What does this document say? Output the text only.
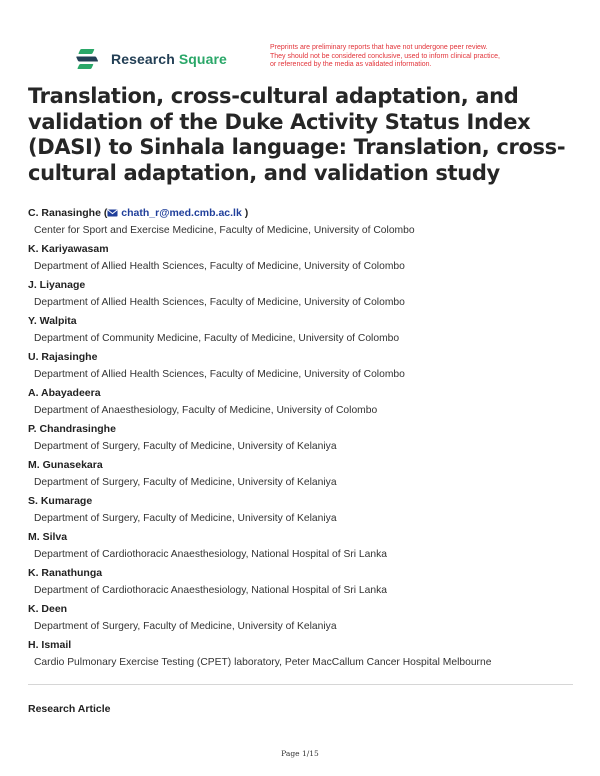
Research Square
Preprints are preliminary reports that have not undergone peer review.
They should not be considered conclusive, used to inform clinical practice,
or referenced by the media as validated information.
Translation, cross-cultural adaptation, and validation of the Duke Activity Status Index (DASI) to Sinhala language: Translation, cross-cultural adaptation, and validation study
C. Ranasinghe ( chath_r@med.cmb.ac.lk )
Center for Sport and Exercise Medicine, Faculty of Medicine, University of Colombo
K. Kariyawasam
Department of Allied Health Sciences, Faculty of Medicine, University of Colombo
J. Liyanage
Department of Allied Health Sciences, Faculty of Medicine, University of Colombo
Y. Walpita
Department of Community Medicine, Faculty of Medicine, University of Colombo
U. Rajasinghe
Department of Allied Health Sciences, Faculty of Medicine, University of Colombo
A. Abayadeera
Department of Anaesthesiology, Faculty of Medicine, University of Colombo
P. Chandrasinghe
Department of Surgery, Faculty of Medicine, University of Kelaniya
M. Gunasekara
Department of Surgery, Faculty of Medicine, University of Kelaniya
S. Kumarage
Department of Surgery, Faculty of Medicine, University of Kelaniya
M. Silva
Department of Cardiothoracic Anaesthesiology, National Hospital of Sri Lanka
K. Ranathunga
Department of Cardiothoracic Anaesthesiology, National Hospital of Sri Lanka
K. Deen
Department of Surgery, Faculty of Medicine, University of Kelaniya
H. Ismail
Cardio Pulmonary Exercise Testing (CPET) laboratory, Peter MacCallum Cancer Hospital Melbourne
Research Article
Page 1/15
